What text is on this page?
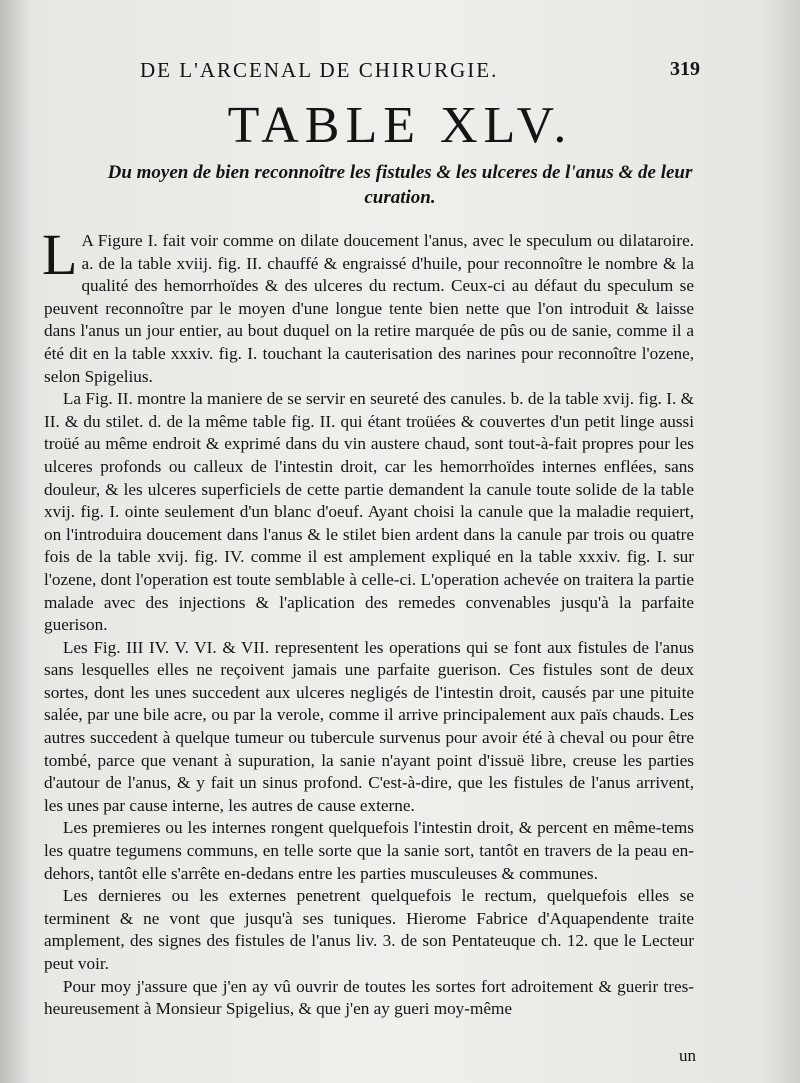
DE L'ARCENAL DE CHIRURGIE.	319
TABLE XLV.
Du moyen de bien reconnoître les fistules & les ulceres de l'anus & de leur curation.

L A Figure I. fait voir comme on dilate doucement l'anus, avec le speculum ou dilataroire. a. de la table xviij. fig. II. chauffé & engraissé d'huile, pour reconnoître le nombre & la qualité des hemorrhoïdes & des ulceres du rectum. Ceux-ci au défaut du speculum se peuvent reconnoître par le moyen d'une longue tente bien nette que l'on introduit & laisse dans l'anus un jour entier, au bout duquel on la retire marquée de pûs ou de sanie, comme il a été dit en la table xxxiv. fig. I. touchant la cauterisation des narines pour reconnoître l'ozene, selon Spigelius.

La Fig. II. montre la maniere de se servir en seureté des canules. b. de la table xvij. fig. I. & II. & du stilet. d. de la même table fig. II. qui étant troüées & couvertes d'un petit linge aussi troüé au même endroit & exprimé dans du vin austere chaud, sont tout-à-fait propres pour les ulceres profonds ou calleux de l'intestin droit, car les hemorrhoïdes internes enflées, sans douleur, & les ulceres superficiels de cette partie demandent la canule toute solide de la table xvij. fig. I. ointe seulement d'un blanc d'oeuf. Ayant choisi la canule que la maladie requiert, on l'introduira doucement dans l'anus & le stilet bien ardent dans la canule par trois ou quatre fois de la table xvij. fig. IV. comme il est amplement expliqué en la table xxxiv. fig. I. sur l'ozene, dont l'operation est toute semblable à celle-ci. L'operation achevée on traitera la partie malade avec des injections & l'aplication des remedes convenables jusqu'à la parfaite guerison.

Les Fig. III IV. V. VI. & VII. representent les operations qui se font aux fistules de l'anus sans lesquelles elles ne reçoivent jamais une parfaite guerison. Ces fistules sont de deux sortes, dont les unes succedent aux ulceres negligés de l'intestin droit, causés par une pituite salée, par une bile acre, ou par la verole, comme il arrive principalement aux païs chauds. Les autres succedent à quelque tumeur ou tubercule survenus pour avoir été à cheval ou pour être tombé, parce que venant à supuration, la sanie n'ayant point d'issuë libre, creuse les parties d'autour de l'anus, & y fait un sinus profond. C'est-à-dire, que les fistules de l'anus arrivent, les unes par cause interne, les autres de cause externe.

Les premieres ou les internes rongent quelquefois l'intestin droit, & percent en même-tems les quatre tegumens communs, en telle sorte que la sanie sort, tantôt en travers de la peau en-dehors, tantôt elle s'arrête en-dedans entre les parties musculeuses & communes.

Les dernieres ou les externes penetrent quelquefois le rectum, quelquefois elles se terminent & ne vont que jusqu'à ses tuniques. Hierome Fabrice d'Aquapendente traite amplement, des signes des fistules de l'anus liv. 3. de son Pentateuque ch. 12. que le Lecteur peut voir.

Pour moy j'assure que j'en ay vû ouvrir de toutes les sortes fort adroitement & guerir tres-heureusement à Monsieur Spigelius, & que j'en ay gueri moy-même

un
